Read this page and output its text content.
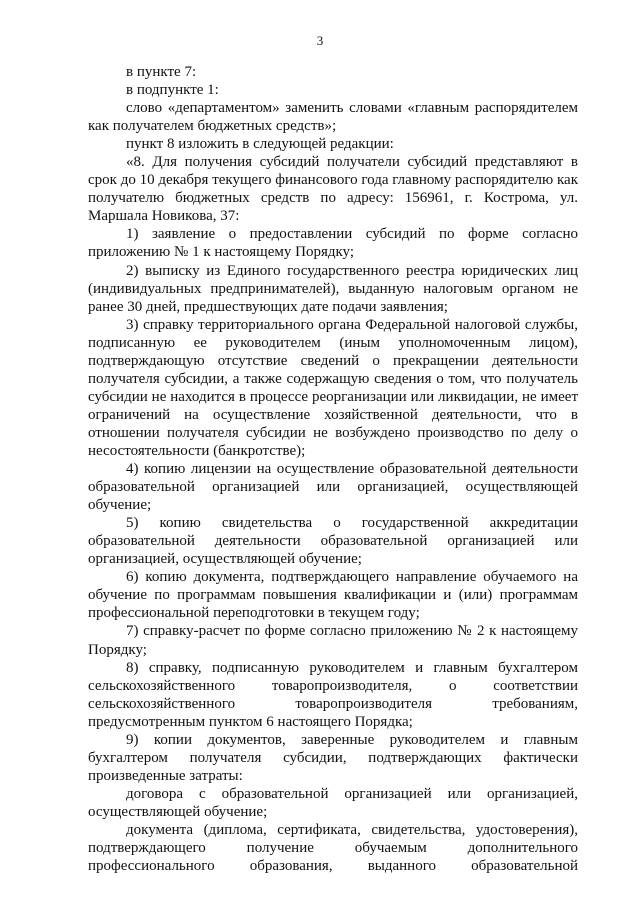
3

в пункте 7:

в подпункте 1:

слово «департаментом» заменить словами «главным распорядителем как получателем бюджетных средств»;

пункт 8 изложить в следующей редакции:

«8. Для получения субсидий получатели субсидий представляют в срок до 10 декабря текущего финансового года главному распорядителю как получателю бюджетных средств по адресу: 156961, г. Кострома, ул. Маршала Новикова, 37:

1) заявление о предоставлении субсидий по форме согласно приложению № 1 к настоящему Порядку;

2) выписку из Единого государственного реестра юридических лиц (индивидуальных предпринимателей), выданную налоговым органом не ранее 30 дней, предшествующих дате подачи заявления;

3) справку территориального органа Федеральной налоговой службы, подписанную ее руководителем (иным уполномоченным лицом), подтверждающую отсутствие сведений о прекращении деятельности получателя субсидии, а также содержащую сведения о том, что получатель субсидии не находится в процессе реорганизации или ликвидации, не имеет ограничений на осуществление хозяйственной деятельности, что в отношении получателя субсидии не возбуждено производство по делу о несостоятельности (банкротстве);

4) копию лицензии на осуществление образовательной деятельности образовательной организацией или организацией, осуществляющей обучение;

5) копию свидетельства о государственной аккредитации образовательной деятельности образовательной организацией или организацией, осуществляющей обучение;

6) копию документа, подтверждающего направление обучаемого на обучение по программам повышения квалификации и (или) программам профессиональной переподготовки в текущем году;

7) справку-расчет по форме согласно приложению № 2 к настоящему Порядку;

8) справку, подписанную руководителем и главным бухгалтером сельскохозяйственного товаропроизводителя, о соответствии сельскохозяйственного товаропроизводителя требованиям, предусмотренным пунктом 6 настоящего Порядка;

9) копии документов, заверенные руководителем и главным бухгалтером получателя субсидии, подтверждающих фактически произведенные затраты:

договора с образовательной организацией или организацией, осуществляющей обучение;

документа (диплома, сертификата, свидетельства, удостоверения), подтверждающего получение обучаемым дополнительного профессионального образования, выданного образовательной
